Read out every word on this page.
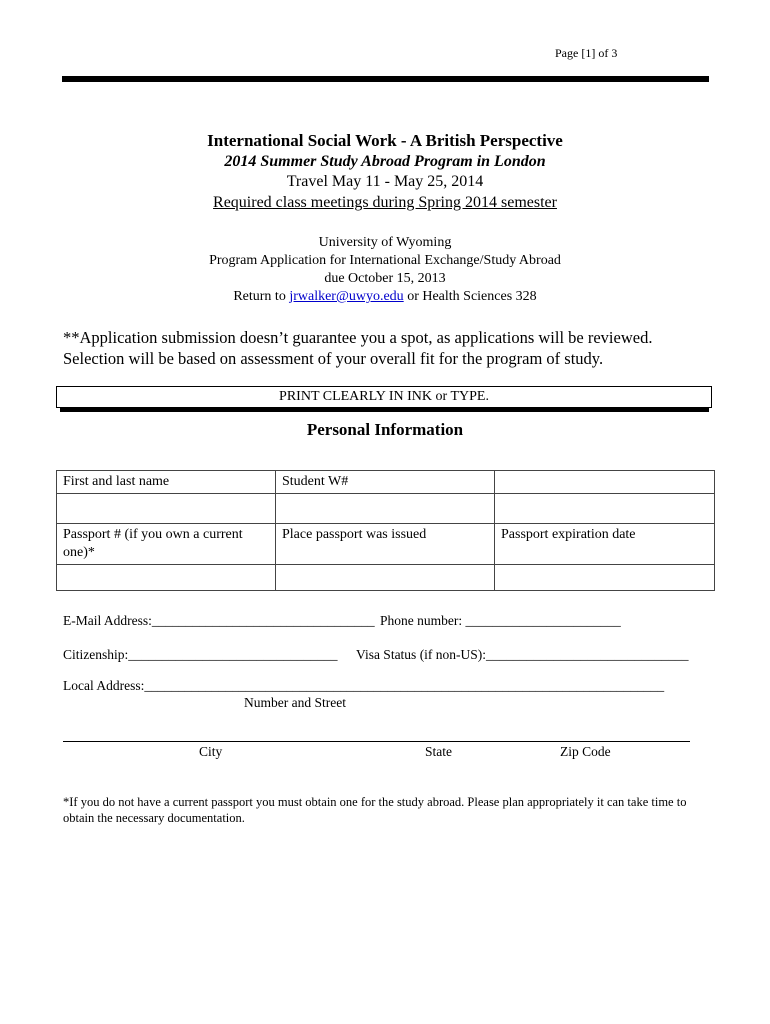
Page [1] of 3
International Social Work - A British Perspective
2014 Summer Study Abroad Program in London
Travel May 11 - May 25, 2014
Required class meetings during Spring 2014 semester
University of Wyoming
Program Application for International Exchange/Study Abroad
due October 15, 2013
Return to jrwalker@uwyo.edu or Health Sciences 328
**Application submission doesn’t guarantee you a spot, as applications will be reviewed. Selection will be based on assessment of your overall fit for the program of study.
PRINT CLEARLY IN INK or TYPE.
Personal Information
First and last name	Student W#	

Passport # (if you own a current one)*	Place passport was issued	Passport expiration date

E-Mail Address:_________________________________ Phone number: _______________________
Citizenship:_______________________________ Visa Status (if non-US):______________________________
Local Address:_____________________________________________________________________________
Number and Street
City	State	Zip Code
*If you do not have a current passport you must obtain one for the study abroad. Please plan appropriately it can take time to obtain the necessary documentation.
